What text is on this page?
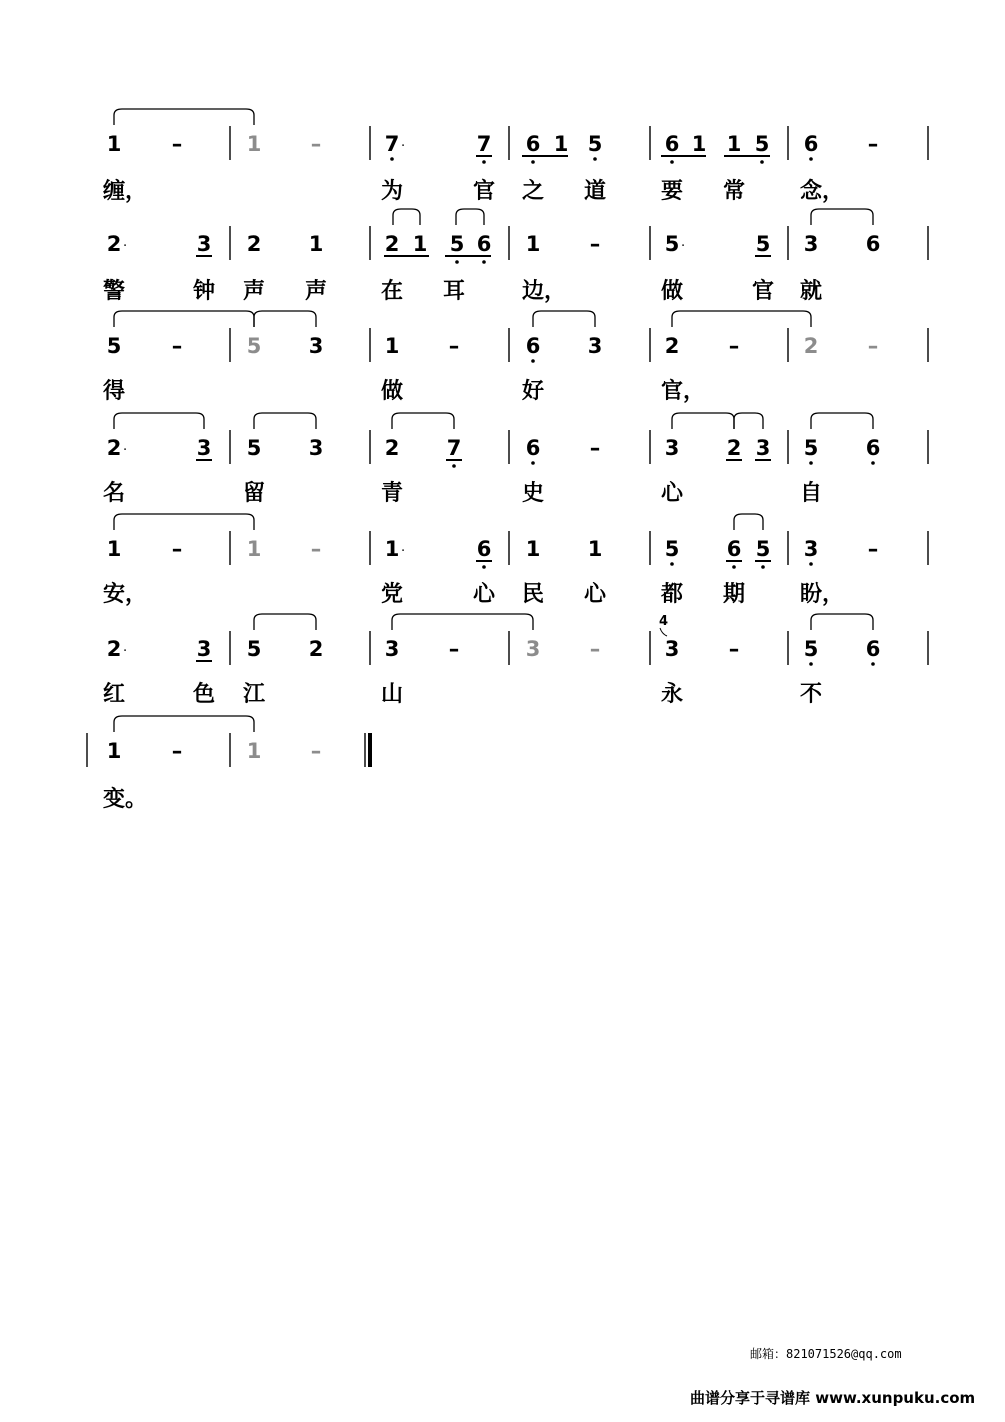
1 –	1 –	7 ·	7 6 1 5	6 1 1 5 6 –
缠，	为	官 之 道 要 常 念，
2 ·	3 2 1	2 1 5 6 1 –	5 ·	5 3 6
警	钟 声 声 在 耳	边，	做	官 就
5 –	5 3	1 –	6 3	2 –	2 –
得	做	好	官，
2 ·	3 5 3	2 7	6 –	3 2 3 5 6
名	留	青	史	心	自
1 –	1 –	1 ·	6 1 1	5 6 5 3 –
安，	党	心 民 心 都 期 盼，
2 ·	3 5 2	3 –	3 –	3 –	5 6
红	色 江	山	永	不
1 –	1 –
变。
4
邮箱：821071526@qq.com
曲谱分享于寻谱库 www.xunpuku.com
